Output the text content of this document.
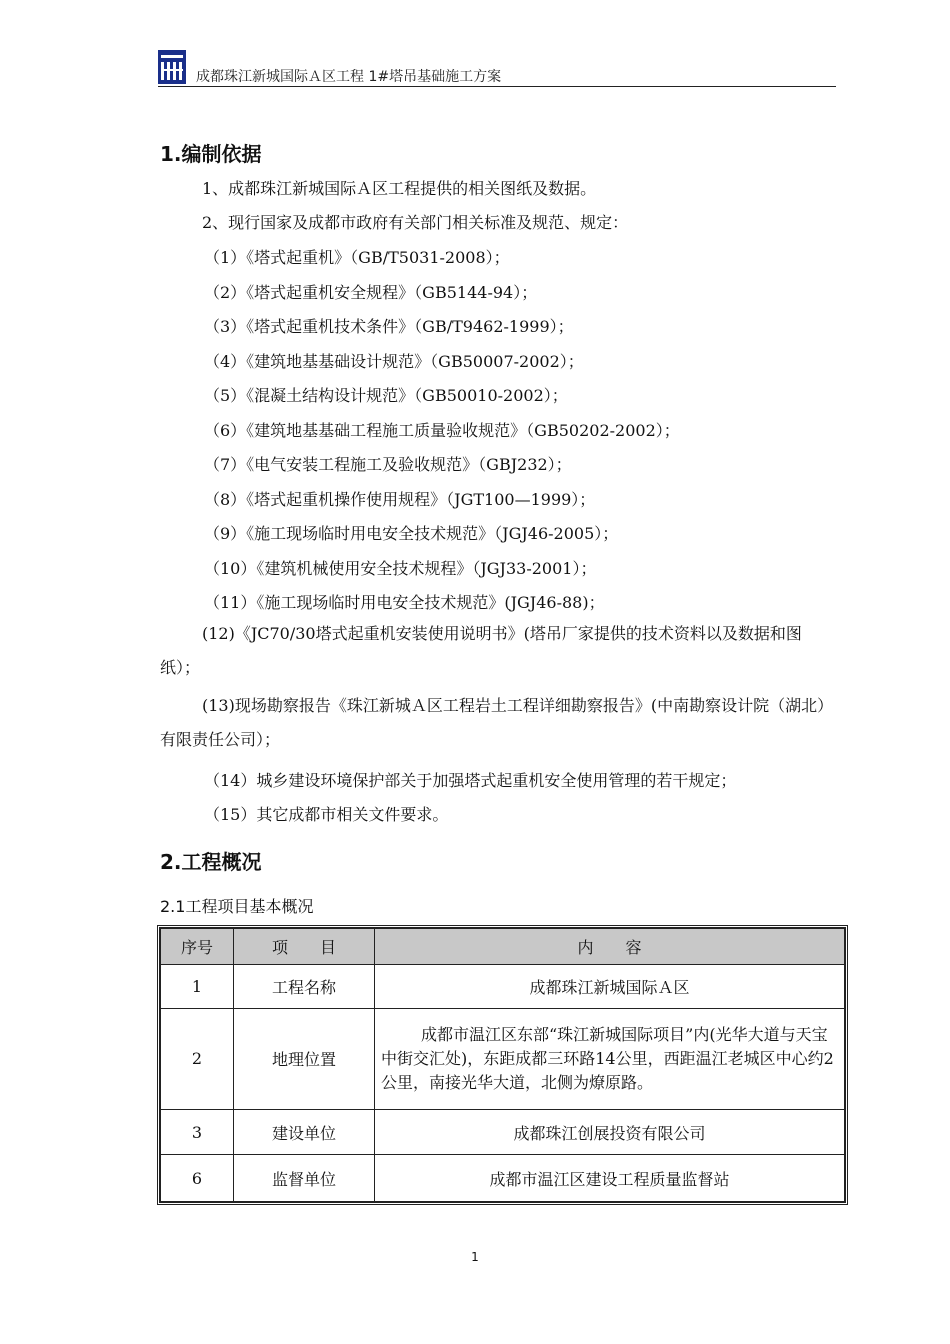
成都珠江新城国际Ａ区工程 1#塔吊基础施工方案
1.编制依据
1、成都珠江新城国际Ａ区工程提供的相关图纸及数据。
2、现行国家及成都市政府有关部门相关标准及规范、规定：
（1）《塔式起重机》（GB/T5031-2008）；
（2）《塔式起重机安全规程》（GB5144-94）；
（3）《塔式起重机技术条件》（GB/T9462-1999）；
（4）《建筑地基基础设计规范》（GB50007-2002）；
（5）《混凝土结构设计规范》（GB50010-2002）；
（6）《建筑地基基础工程施工质量验收规范》（GB50202-2002）；
（7）《电气安装工程施工及验收规范》（GBJ232）；
（8）《塔式起重机操作使用规程》（JGT100—1999）；
（9）《施工现场临时用电安全技术规范》（JGJ46-2005）；
（10）《建筑机械使用安全技术规程》（JGJ33-2001）；
（11）《施工现场临时用电安全技术规范》(JGJ46-88)；
(12)《JC70/30塔式起重机安装使用说明书》(塔吊厂家提供的技术资料以及数据和图纸）；
(13)现场勘察报告《珠江新城Ａ区工程岩土工程详细勘察报告》(中南勘察设计院（湖北）有限责任公司）；
（14）城乡建设环境保护部关于加强塔式起重机安全使用管理的若干规定；
（15）其它成都市相关文件要求。
2.工程概况
2.1工程项目基本概况
序号	项　　目	内　　容
1	工程名称	成都珠江新城国际Ａ区
2	地理位置	成都市温江区东部“珠江新城国际项目”内(光华大道与天宝中街交汇处)，东距成都三环路14公里，西距温江老城区中心约2公里，南接光华大道，北侧为燎原路。
3	建设单位	成都珠江创展投资有限公司
6	监督单位	成都市温江区建设工程质量监督站
1
